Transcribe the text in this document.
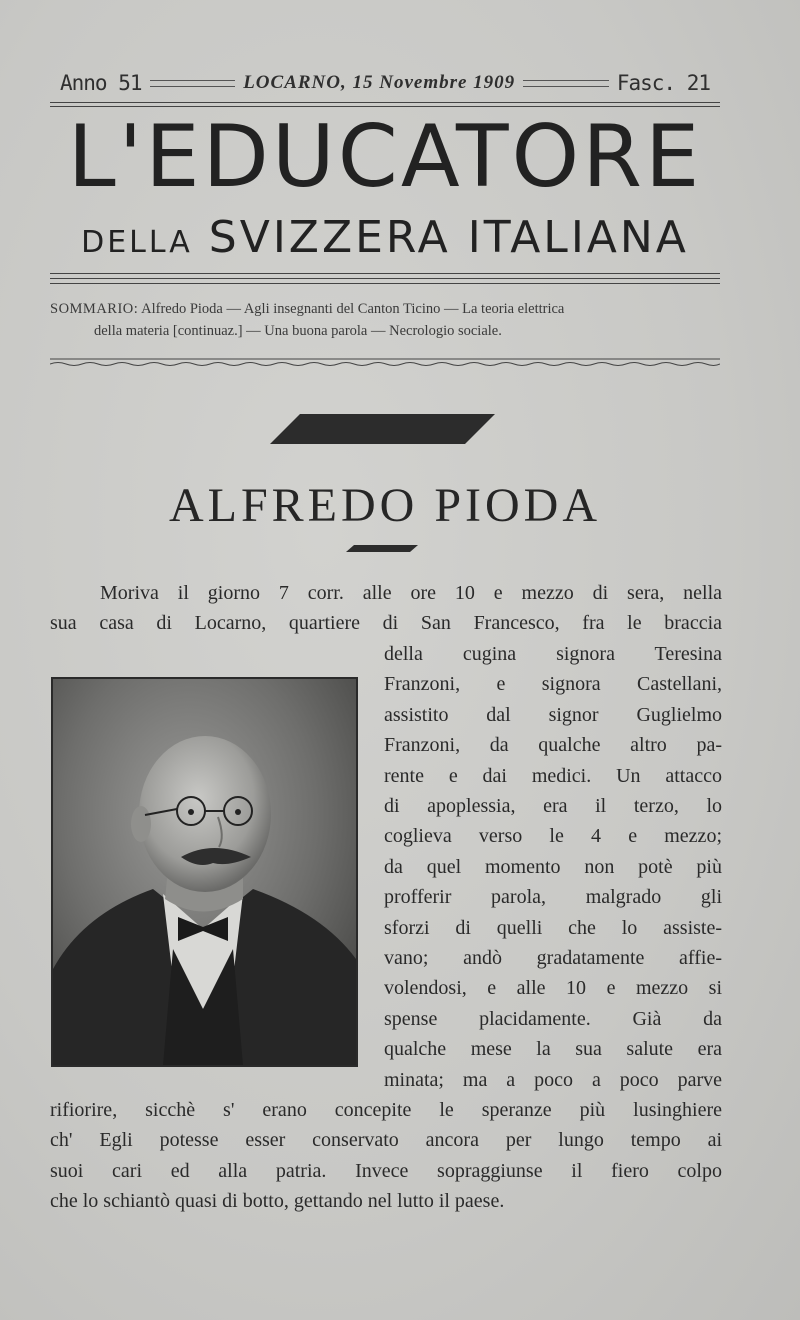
Anno 51	LOCARNO, 15 Novembre 1909	Fasc. 21
L'EDUCATORE
DELLA SVIZZERA ITALIANA
SOMMARIO: Alfredo Pioda — Agli insegnanti del Canton Ticino — La teoria elettrica
della materia [continuaz.] — Una buona parola — Necrologio sociale.
ALFREDO PIODA
Moriva il giorno 7 corr. alle ore 10 e mezzo di sera, nella
sua casa di Locarno, quartiere di San Francesco, fra le braccia
della cugina signora Teresina
Franzoni, e signora Castellani,
assistito dal signor Guglielmo
Franzoni, da qualche altro pa-
rente e dai medici. Un attacco
di apoplessia, era il terzo, lo
coglieva verso le 4 e mezzo;
da quel momento non potè più
profferir parola, malgrado gli
sforzi di quelli che lo assiste-
vano; andò gradatamente affie-
volendosi, e alle 10 e mezzo si
spense placidamente. Già da
qualche mese la sua salute era
minata; ma a poco a poco parve
rifiorire, sicchè s' erano concepite le speranze più lusinghiere
ch' Egli potesse esser conservato ancora per lungo tempo ai
suoi cari ed alla patria. Invece sopraggiunse il fiero colpo
che lo schiantò quasi di botto, gettando nel lutto il paese.
